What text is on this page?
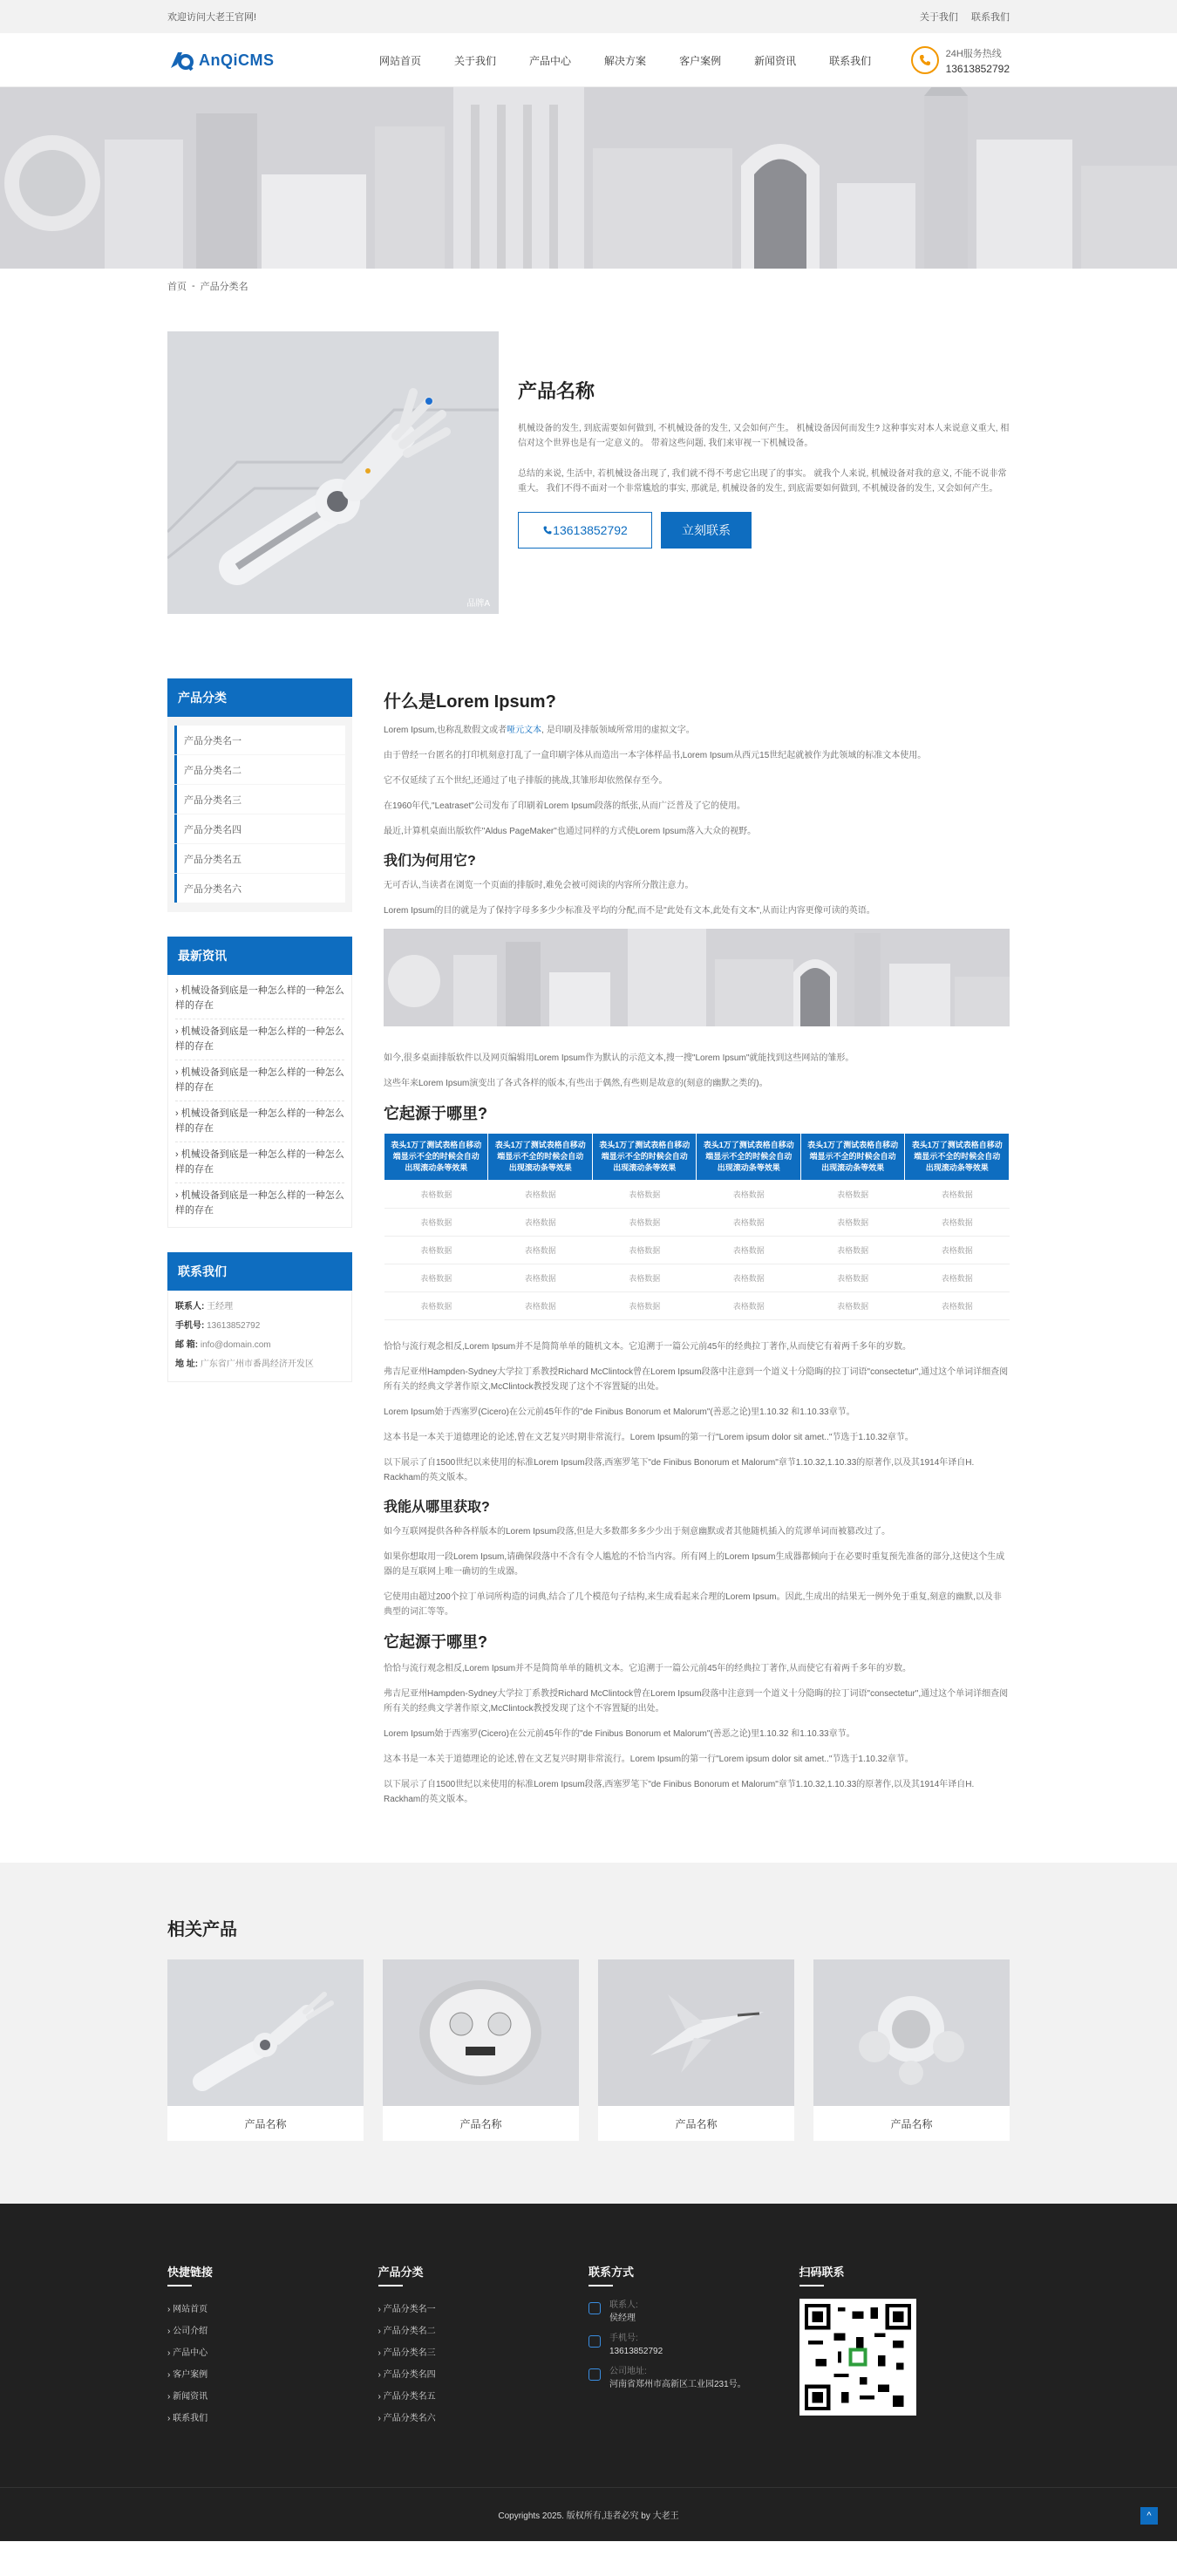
欢迎访问大老王官网!	关于我们 联系我们
AnQiCMS	网站首页	关于我们	产品中心	解决方案	客户案例	新闻资讯	联系我们
24H服务热线
13613852792
首页 - 产品分类名
品牌A
产品名称

机械设备的发生, 到底需要如何做到, 不机械设备的发生, 又会如何产生。 机械设备因何而发生? 这种事实对本人来说意义重大, 相信对这个世界也是有一定意义的。 带着这些问题, 我们来审视一下机械设备。

总结的来说, 生活中, 若机械设备出现了, 我们就不得不考虑它出现了的事实。 就我个人来说, 机械设备对我的意义, 不能不说非常重大。 我们不得不面对一个非常尴尬的事实, 那就是, 机械设备的发生, 到底需要如何做到, 不机械设备的发生, 又会如何产生。

13613852792	立刻联系
产品分类
产品分类名一
产品分类名二
产品分类名三
产品分类名四
产品分类名五
产品分类名六
最新资讯
› 机械设备到底是一种怎么样的一种怎么样的存在
› 机械设备到底是一种怎么样的一种怎么样的存在
› 机械设备到底是一种怎么样的一种怎么样的存在
› 机械设备到底是一种怎么样的一种怎么样的存在
› 机械设备到底是一种怎么样的一种怎么样的存在
› 机械设备到底是一种怎么样的一种怎么样的存在
联系我们
联系人: 王经理
手机号: 13613852792
邮 箱: info@domain.com
地 址: 广东省广州市番禺经济开发区
什么是Lorem Ipsum?

Lorem Ipsum,也称乱数假文或者哑元文本, 是印刷及排版领域所常用的虚拟文字。

由于曾经一台匿名的打印机刻意打乱了一盒印刷字体从而造出一本字体样品书,Lorem Ipsum从西元15世纪起就被作为此领域的标准文本使用。

它不仅延续了五个世纪,还通过了电子排版的挑战,其雏形却依然保存至今。

在1960年代,"Leatraset"公司发布了印刷着Lorem Ipsum段落的纸张,从而广泛普及了它的使用。

最近,计算机桌面出版软件"Aldus PageMaker"也通过同样的方式使Lorem Ipsum落入大众的视野。

我们为何用它?

无可否认,当读者在浏览一个页面的排版时,难免会被可阅读的内容所分散注意力。

Lorem Ipsum的目的就是为了保持字母多多少少标准及平均的分配,而不是"此处有文本,此处有文本",从而让内容更像可读的英语。

如今,很多桌面排版软件以及网页编辑用Lorem Ipsum作为默认的示范文本,搜一搜"Lorem Ipsum"就能找到这些网站的雏形。

这些年来Lorem Ipsum演变出了各式各样的版本,有些出于偶然,有些则是故意的(刻意的幽默之类的)。

它起源于哪里?
表头1万了测试表格自移动端显示不全的时候会自动出现滚动条等效果	表头1万了测试表格自移动端显示不全的时候会自动出现滚动条等效果	表头1万了测试表格自移动端显示不全的时候会自动出现滚动条等效果	表头1万了测试表格自移动端显示不全的时候会自动出现滚动条等效果	表头1万了测试表格自移动端显示不全的时候会自动出现滚动条等效果	表头1万了测试表格自移动端显示不全的时候会自动出现滚动条等效果
表格数据	表格数据	表格数据	表格数据	表格数据	表格数据
表格数据	表格数据	表格数据	表格数据	表格数据	表格数据
表格数据	表格数据	表格数据	表格数据	表格数据	表格数据
表格数据	表格数据	表格数据	表格数据	表格数据	表格数据
表格数据	表格数据	表格数据	表格数据	表格数据	表格数据

恰恰与流行观念相反,Lorem Ipsum并不是简简单单的随机文本。它追溯于一篇公元前45年的经典拉丁著作,从而使它有着两千多年的岁数。

弗吉尼亚州Hampden-Sydney大学拉丁系教授Richard McClintock曾在Lorem Ipsum段落中注意到一个道义十分隐晦的拉丁词语"consectetur",通过这个单词详细查阅所有关的经典文学著作原文,McClintock教授发现了这个不容置疑的出处。

Lorem Ipsum始于西塞罗(Cicero)在公元前45年作的"de Finibus Bonorum et Malorum"(善恶之论)里1.10.32 和1.10.33章节。

这本书是一本关于道德理论的论述,曾在文艺复兴时期非常流行。Lorem Ipsum的第一行"Lorem ipsum dolor sit amet.."节选于1.10.32章节。

以下展示了自1500世纪以来使用的标准Lorem Ipsum段落,西塞罗笔下"de Finibus Bonorum et Malorum"章节1.10.32,1.10.33的原著作,以及其1914年译自H. Rackham的英文版本。

我能从哪里获取?

如今互联网提供各种各样版本的Lorem Ipsum段落,但是大多数都多多少少出于刻意幽默或者其他随机插入的荒谬单词而被篡改过了。

如果你想取用一段Lorem Ipsum,请确保段落中不含有令人尴尬的不恰当内容。所有网上的Lorem Ipsum生成器都倾向于在必要时重复预先准备的部分,这使这个生成器的是互联网上唯一确切的生成器。

它使用由超过200个拉丁单词所构造的词典,结合了几个模范句子结构,来生成看起来合理的Lorem Ipsum。因此,生成出的结果无一例外免于重复,刻意的幽默,以及非典型的词汇等等。

它起源于哪里?

恰恰与流行观念相反,Lorem Ipsum并不是简简单单的随机文本。它追溯于一篇公元前45年的经典拉丁著作,从而使它有着两千多年的岁数。

弗吉尼亚州Hampden-Sydney大学拉丁系教授Richard McClintock曾在Lorem Ipsum段落中注意到一个道义十分隐晦的拉丁词语"consectetur",通过这个单词详细查阅所有关的经典文学著作原文,McClintock教授发现了这个不容置疑的出处。

Lorem Ipsum始于西塞罗(Cicero)在公元前45年作的"de Finibus Bonorum et Malorum"(善恶之论)里1.10.32 和1.10.33章节。

这本书是一本关于道德理论的论述,曾在文艺复兴时期非常流行。Lorem Ipsum的第一行"Lorem ipsum dolor sit amet.."节选于1.10.32章节。

以下展示了自1500世纪以来使用的标准Lorem Ipsum段落,西塞罗笔下"de Finibus Bonorum et Malorum"章节1.10.32,1.10.33的原著作,以及其1914年译自H. Rackham的英文版本。

相关产品
产品名称	产品名称	产品名称	产品名称
快捷链接
› 网站首页
› 公司介绍
› 产品中心
› 客户案例
› 新闻资讯
› 联系我们
产品分类
› 产品分类名一
› 产品分类名二
› 产品分类名三
› 产品分类名四
› 产品分类名五
› 产品分类名六
联系方式
联系人:
侯经理
手机号:
13613852792
公司地址:
河南省郑州市高新区工业园231号。
扫码联系
Copyrights 2025. 版权所有,违者必究 by 大老王	^
